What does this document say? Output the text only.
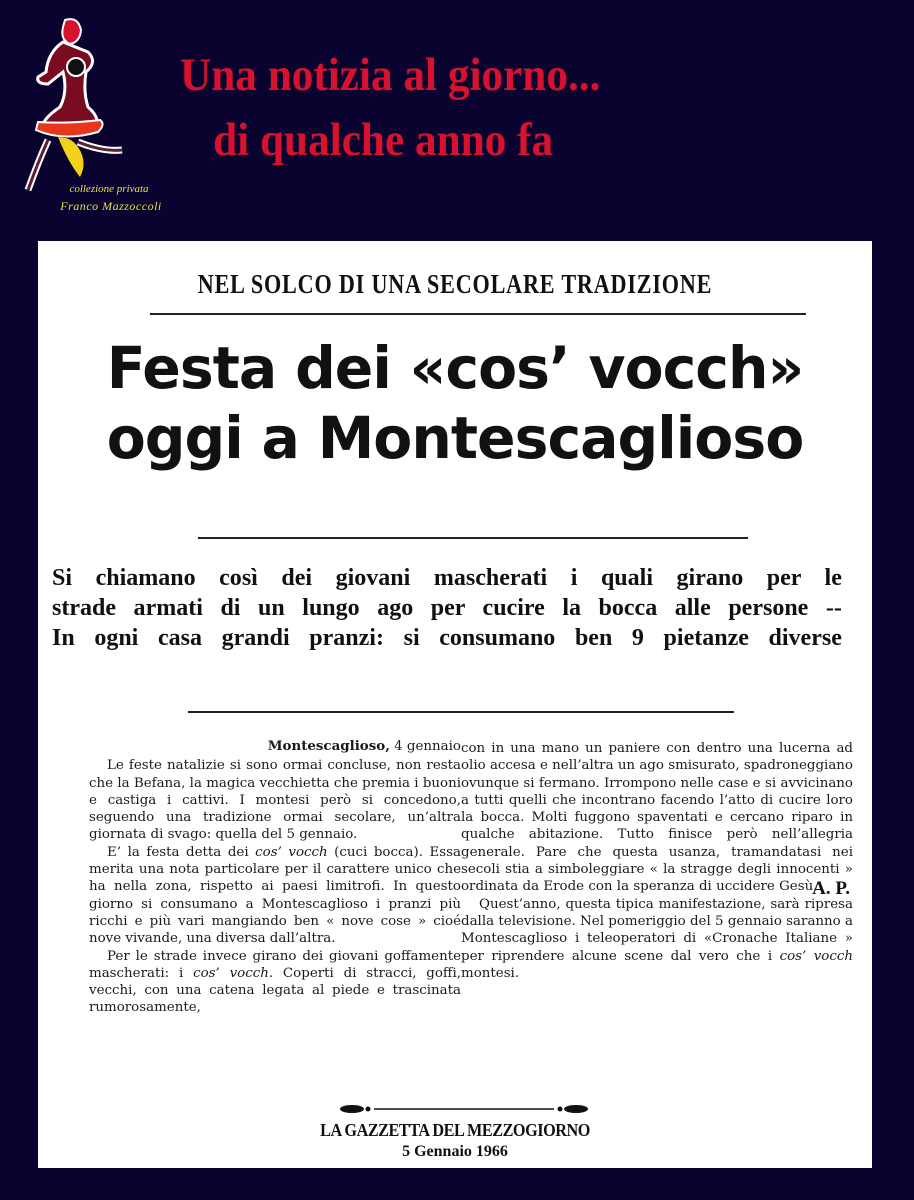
collezione privata
Franco Mazzoccoli
Una notizia al giorno...
di qualche anno fa
NEL SOLCO DI UNA SECOLARE TRADIZIONE
Festa dei «cos’ vocch»
oggi a Montescaglioso
Si chiamano così dei giovani mascherati i quali girano per le
strade armati di un lungo ago per cucire la bocca alle persone --
In ogni casa grandi pranzi: si consumano ben 9 pietanze diverse

Montescaglioso, 4 gennaio

Le feste natalizie si sono ormai concluse, non resta che la Befana, la magica vecchietta che premia i buoni e castiga i cattivi. I montesi però si concedono, seguendo una tradizione ormai secolare, un’altra giornata di svago: quella del 5 gennaio.

E’ la festa detta dei cos’ vocch (cuci bocca). Essa merita una nota particolare per il carattere unico che ha nella zona, rispetto ai paesi limitrofi. In questo giorno si consumano a Montescaglioso i pranzi più ricchi e più vari mangiando ben « nove cose » cioé nove vivande, una diversa dall’altra.

Per le strade invece girano dei giovani goffamente mascherati: i cos’ vocch. Coperti di stracci, goffi, vecchi, con una catena legata al piede e trascinata rumorosamente,

con in una mano un paniere con dentro una lucerna ad olio accesa e nell’altra un ago smisurato, spadroneggiano ovunque si fermano. Irrompono nelle case e si avvicinano a tutti quelli che incontrano facendo l’atto di cucire loro la bocca. Molti fuggono spaventati e cercano riparo in qualche abitazione. Tutto finisce però nell’allegria generale. Pare che questa usanza, tramandatasi nei secoli stia a simboleggiare « la stragge degli innocenti » ordinata da Erode con la speranza di uccidere Gesù.

Quest’anno, questa tipica manifestazione, sarà ripresa dalla televisione. Nel pomeriggio del 5 gennaio saranno a Montescaglioso i teleoperatori di «Cronache Italiane » per riprendere alcune scene dal vero che i cos’ vocch montesi.

A. P.
LA GAZZETTA DEL MEZZOGIORNO
5 Gennaio 1966
